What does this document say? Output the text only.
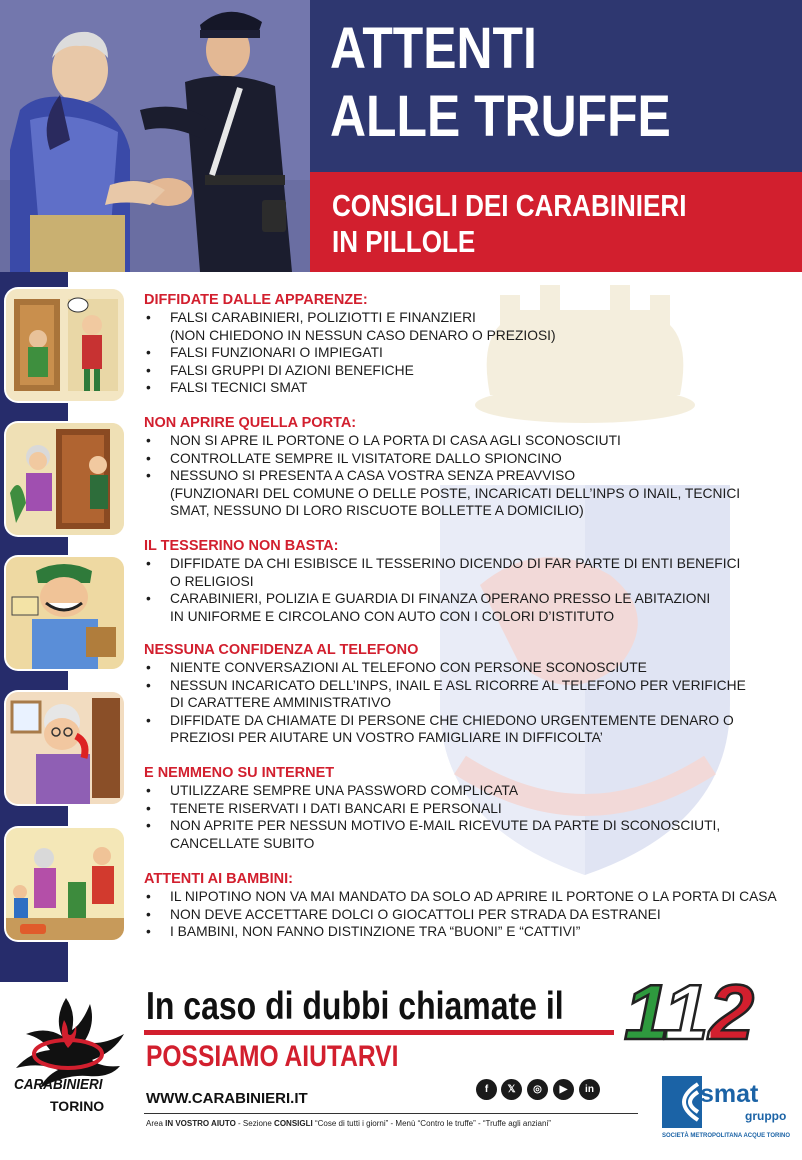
ATTENTI
ALLE TRUFFE
CONSIGLI DEI CARABINIERI
IN PILLOLE
DIFFIDATE DALLE APPARENZE:
• FALSI CARABINIERI, POLIZIOTTI E FINANZIERI
(NON CHIEDONO IN NESSUN CASO DENARO O PREZIOSI)
• FALSI FUNZIONARI O IMPIEGATI
• FALSI GRUPPI DI AZIONI BENEFICHE
• FALSI TECNICI SMAT
NON APRIRE QUELLA PORTA:
• NON SI APRE IL PORTONE O LA PORTA DI CASA AGLI SCONOSCIUTI
• CONTROLLATE SEMPRE IL VISITATORE DALLO SPIONCINO
• NESSUNO SI PRESENTA A CASA VOSTRA SENZA PREAVVISO
(FUNZIONARI DEL COMUNE O DELLE POSTE, INCARICATI DELL’INPS O INAIL, TECNICI
SMAT, NESSUNO DI LORO RISCUOTE BOLLETTE A DOMICILIO)
IL TESSERINO NON BASTA:
• DIFFIDATE DA CHI ESIBISCE IL TESSERINO DICENDO DI FAR PARTE DI ENTI BENEFICI
O RELIGIOSI
• CARABINIERI, POLIZIA E GUARDIA DI FINANZA OPERANO PRESSO LE ABITAZIONI
IN UNIFORME E CIRCOLANO CON AUTO CON I COLORI D’ISTITUTO
NESSUNA CONFIDENZA AL TELEFONO
• NIENTE CONVERSAZIONI AL TELEFONO CON PERSONE SCONOSCIUTE
• NESSUN INCARICATO DELL’INPS, INAIL E ASL RICORRE AL TELEFONO PER VERIFICHE
DI CARATTERE AMMINISTRATIVO
• DIFFIDATE DA CHIAMATE DI PERSONE CHE CHIEDONO URGENTEMENTE DENARO O
PREZIOSI PER AIUTARE UN VOSTRO FAMIGLIARE IN DIFFICOLTA’
E NEMMENO SU INTERNET
• UTILIZZARE SEMPRE UNA PASSWORD COMPLICATA
• TENETE RISERVATI I DATI BANCARI E PERSONALI
• NON APRITE PER NESSUN MOTIVO E-MAIL RICEVUTE DA PARTE DI SCONOSCIUTI,
CANCELLATE SUBITO
ATTENTI AI BAMBINI:
• IL NIPOTINO NON VA MAI MANDATO DA SOLO AD APRIRE IL PORTONE O LA PORTA DI CASA
• NON DEVE ACCETTARE DOLCI O GIOCATTOLI PER STRADA DA ESTRANEI
• I BAMBINI, NON FANNO DISTINZIONE TRA “BUONI” E “CATTIVI”
CARABINIERI
TORINO
In caso di dubbi chiamate il 112
POSSIAMO AIUTARVI
WWW.CARABINIERI.IT
f	𝕏	◎	▶	in
Area IN VOSTRO AIUTO - Sezione CONSIGLI “Cose di tutti i giorni” - Menù “Contro le truffe” - “Truffe agli anziani”
smat
gruppo
SOCIETÀ METROPOLITANA ACQUE TORINO
